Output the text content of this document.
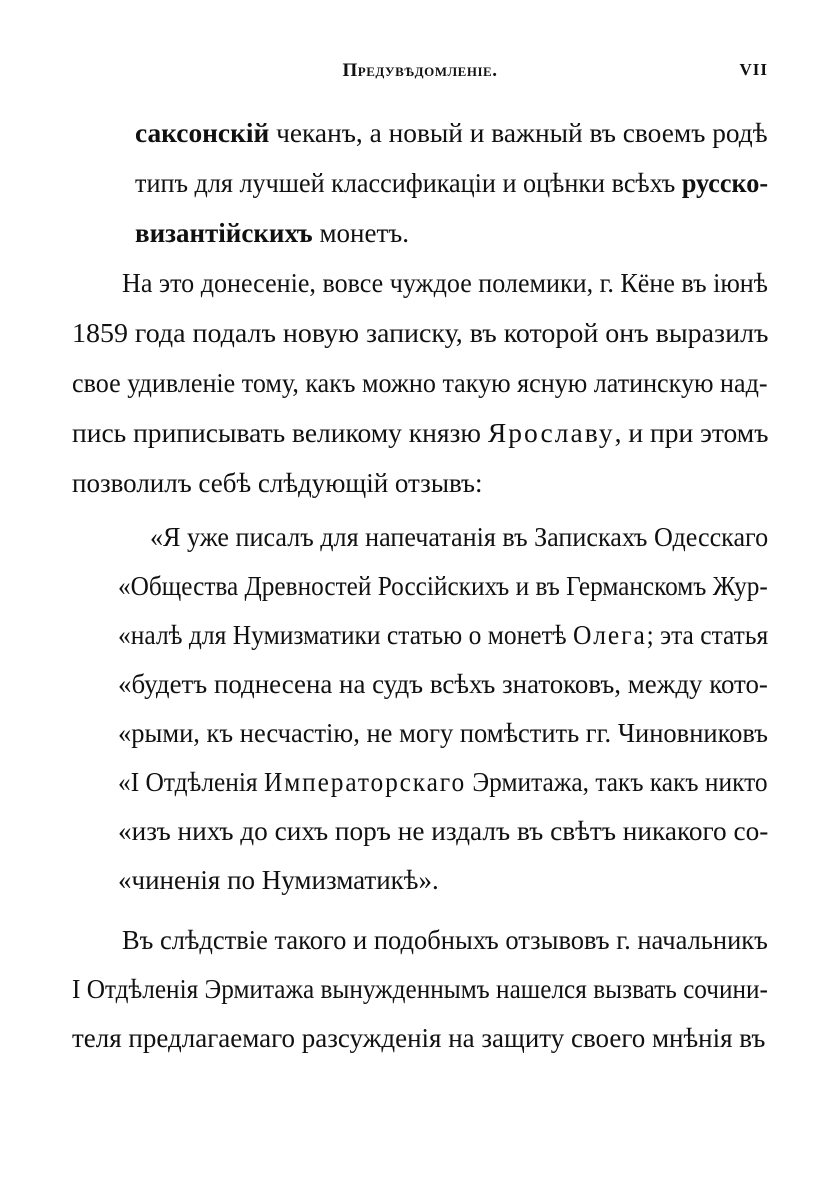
Предувѣдомленіе.	VII
саксонскій чеканъ, а новый и важный въ своемъ родѣ
типъ для лучшей классификаціи и оцѣнки всѣхъ русско-
византійскихъ монетъ.
На это донесеніе, вовсе чуждое полемики, г. Кёне въ іюнѣ
1859 года подалъ новую записку, въ которой онъ выразилъ
свое удивленіе тому, какъ можно такую ясную латинскую над-
пись приписывать великому князю Ярославу, и при этомъ
позволилъ себѣ слѣдующій отзывъ:
«Я уже писалъ для напечатанія въ Запискахъ Одесскаго
«Общества Древностей Россійскихъ и въ Германскомъ Жур-
«налѣ для Нумизматики статью о монетѣ Олега; эта статья
«будетъ поднесена на судъ всѣхъ знатоковъ, между кото-
«рыми, къ несчастію, не могу помѣстить гг. Чиновниковъ
«I Отдѣленія Императорскаго Эрмитажа, такъ какъ никто
«изъ нихъ до сихъ поръ не издалъ въ свѣтъ никакого со-
«чиненія по Нумизматикѣ».
Въ слѣдствіе такого и подобныхъ отзывовъ г. начальникъ
I Отдѣленія Эрмитажа вынужденнымъ нашелся вызвать сочини-
теля предлагаемаго разсужденія на защиту своего мнѣнія въ
